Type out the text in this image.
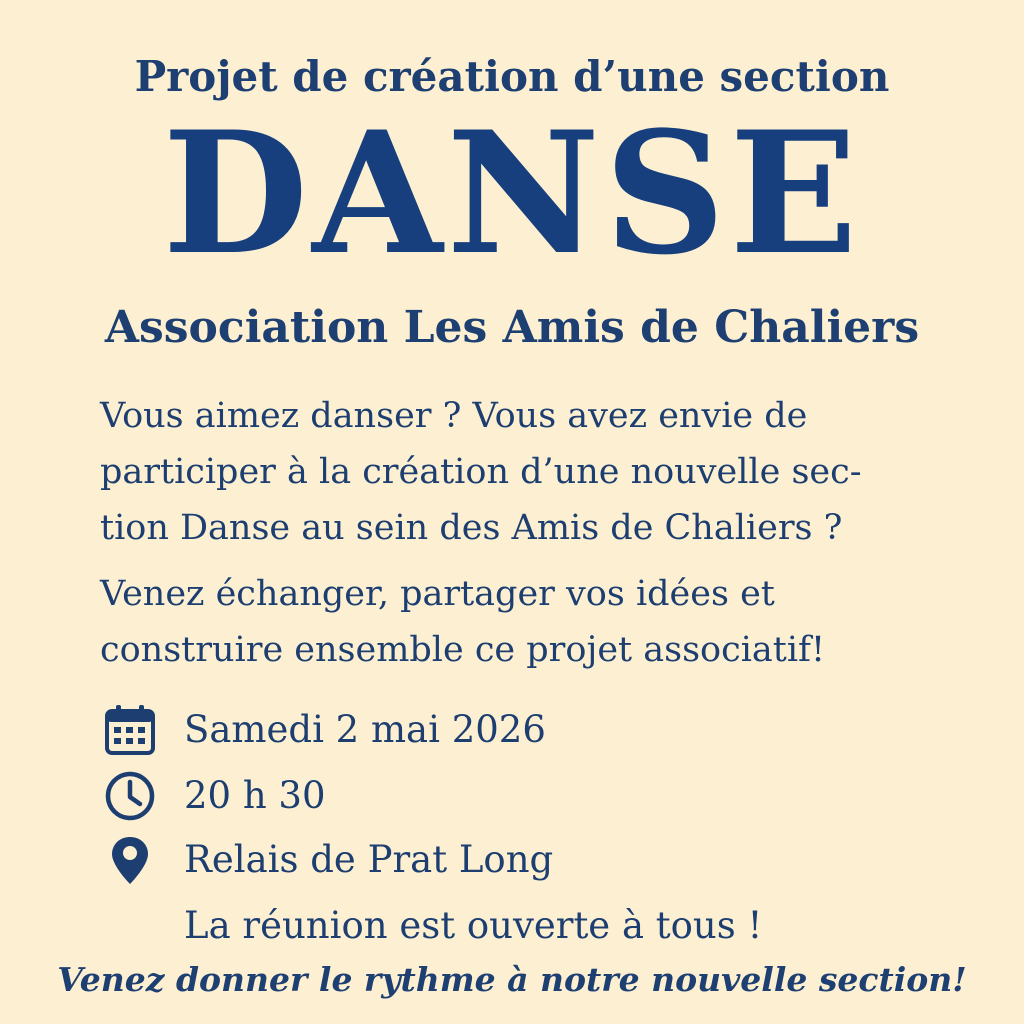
Projet de création d’une section
DANSE
Association Les Amis de Chaliers
Vous aimez danser ? Vous avez envie de
participer à la création d’une nouvelle sec-
tion Danse au sein des Amis de Chaliers ?
Venez échanger, partager vos idées et
construire ensemble ce projet associatif!
Samedi 2 mai 2026
20 h 30
Relais de Prat Long
La réunion est ouverte à tous !
Venez donner le rythme à notre nouvelle section!
